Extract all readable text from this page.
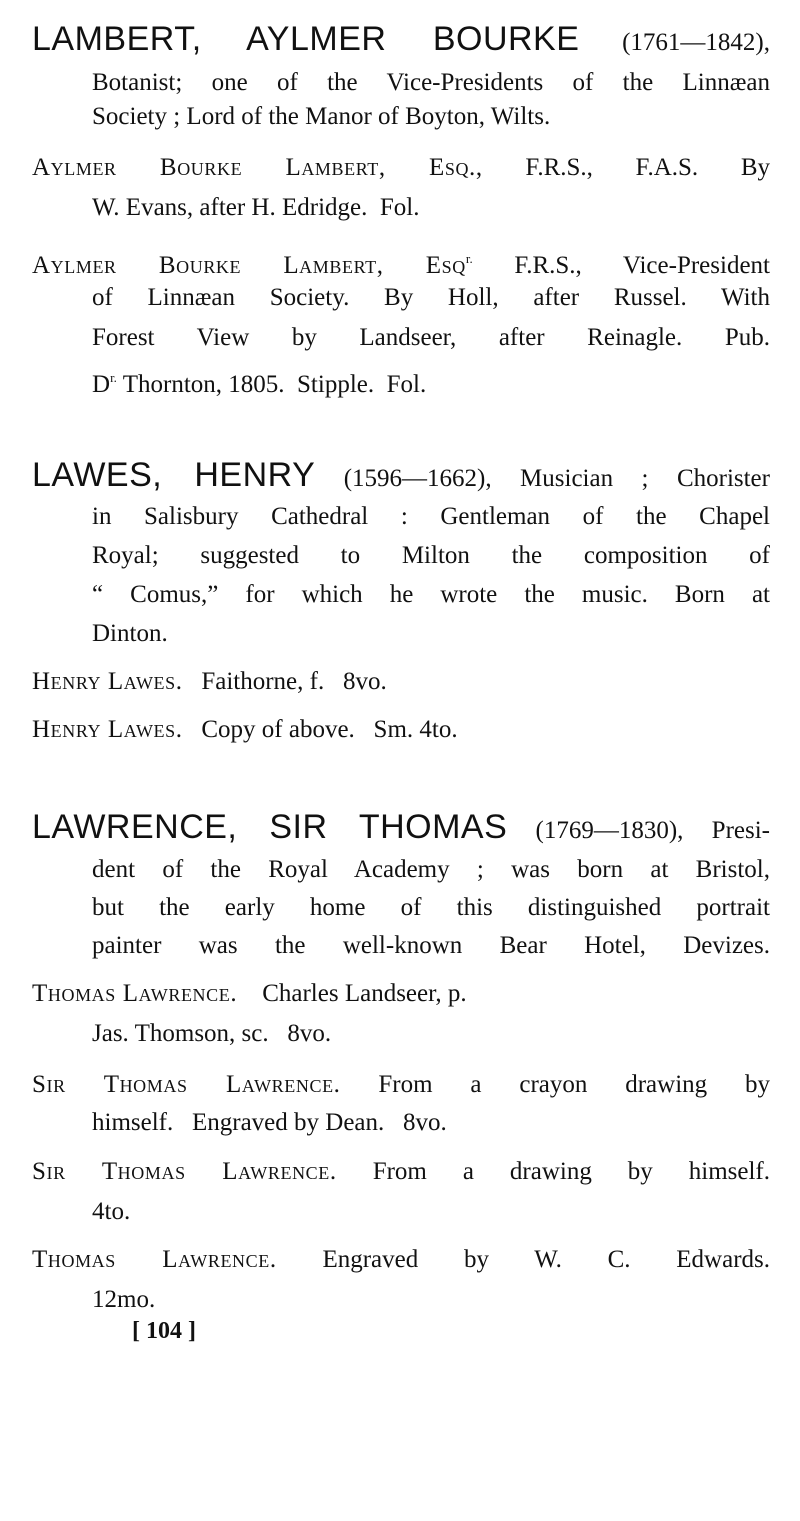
LAMBERT, AYLMER BOURKE (1761—1842),
Botanist; one of the Vice-Presidents of the Linnæan
Society ; Lord of the Manor of Boyton, Wilts.
Aylmer Bourke Lambert, Esq., F.R.S., F.A.S. By
W. Evans, after H. Edridge.  Fol.
Aylmer Bourke Lambert, Esq$^{r.}$ F.R.S., Vice-President
of Linnæan Society. By Holl, after Russel. With
Forest View by Landseer, after Reinagle. Pub.
$D^{r.}$ Thornton, 1805.  Stipple.  Fol.
LAWES, HENRY (1596—1662), Musician ; Chorister
in Salisbury Cathedral : Gentleman of the Chapel
Royal; suggested to Milton the composition of
“ Comus,” for which he wrote the music. Born at
Dinton.
Henry Lawes.   Faithorne, f.   8vo.
Henry Lawes.   Copy of above.   Sm. 4to.
LAWRENCE, SIR THOMAS (1769—1830), Presi-
dent of the Royal Academy ; was born at Bristol,
but the early home of this distinguished portrait
painter was the well-known Bear Hotel, Devizes.
Thomas Lawrence.    Charles Landseer, p.
Jas. Thomson, sc.   8vo.
Sir Thomas Lawrence. From a crayon drawing by
himself.   Engraved by Dean.   8vo.
Sir Thomas Lawrence. From a drawing by himself.
4to.
Thomas Lawrence. Engraved by W. C. Edwards.
12mo.
[ 104 ]
